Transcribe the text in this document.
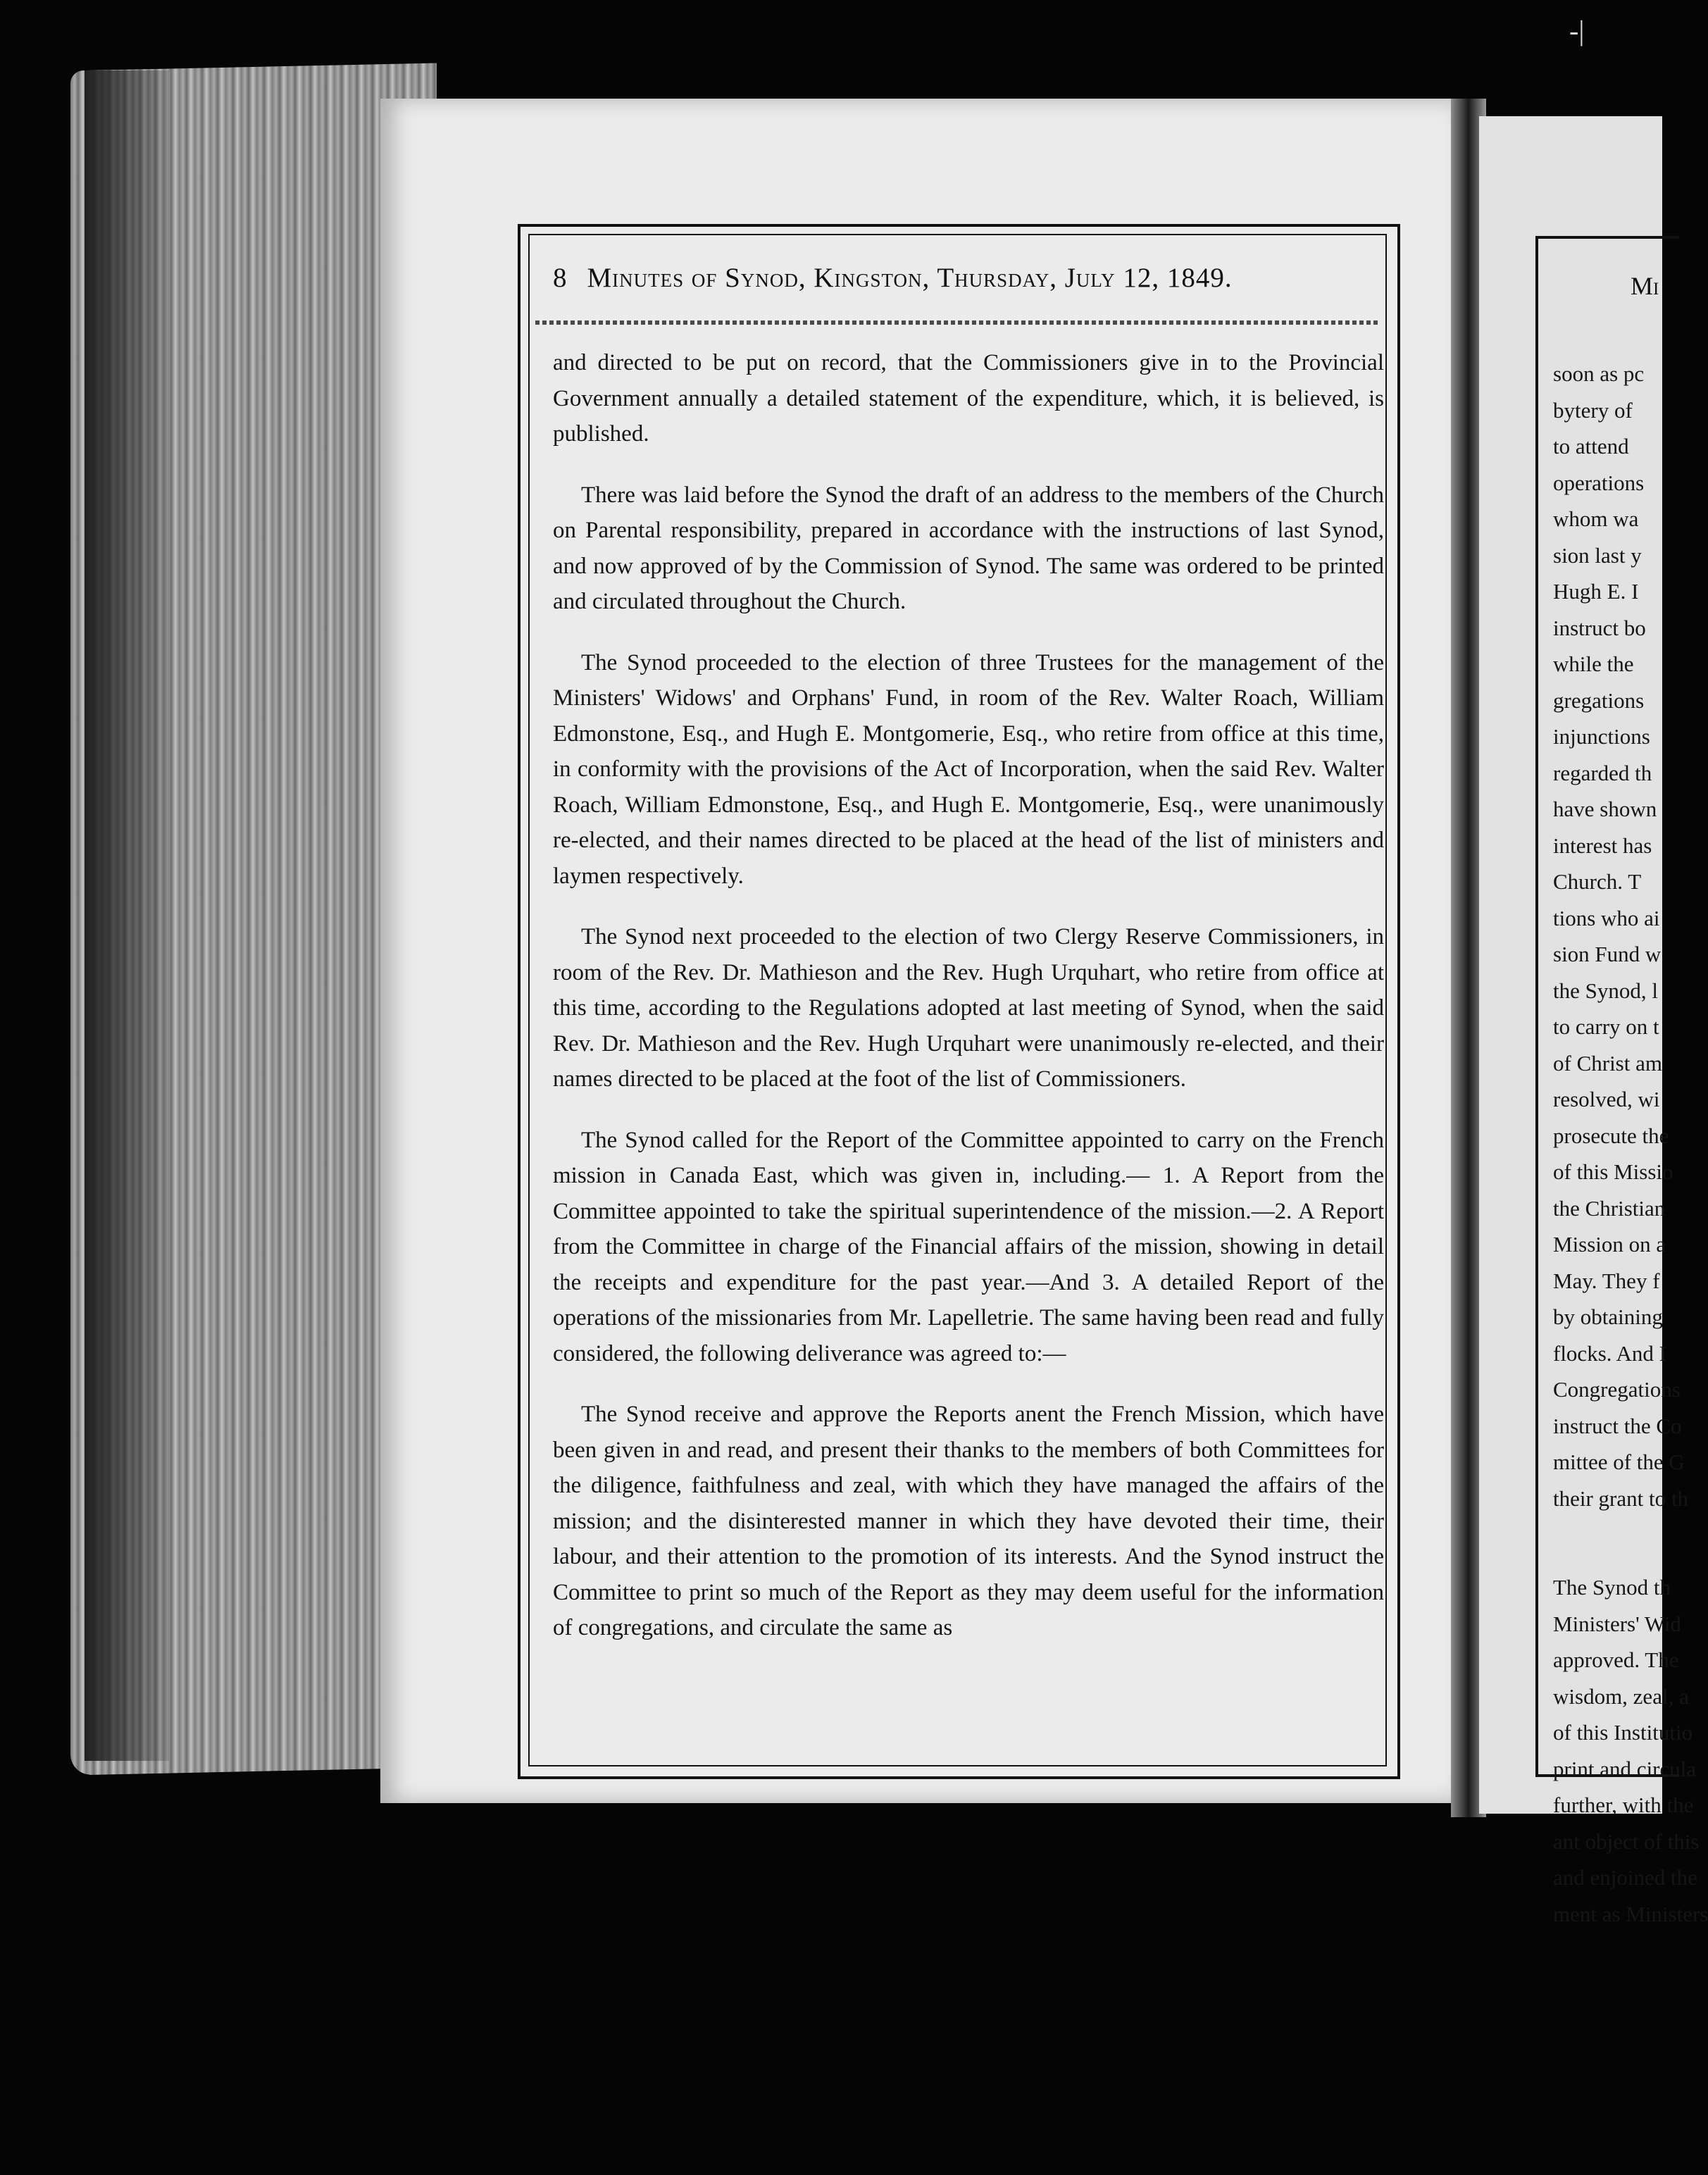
-|
8 Minutes of Synod, Kingston, Thursday, July 12, 1849.

and directed to be put on record, that the Commissioners give in to the Provincial Government annually a detailed statement of the expenditure, which, it is believed, is published.

There was laid before the Synod the draft of an address to the members of the Church on Parental responsibility, prepared in accordance with the instructions of last Synod, and now approved of by the Commission of Synod. The same was ordered to be printed and circulated throughout the Church.

The Synod proceeded to the election of three Trustees for the management of the Ministers' Widows' and Orphans' Fund, in room of the Rev. Walter Roach, William Edmonstone, Esq., and Hugh E. Montgomerie, Esq., who retire from office at this time, in conformity with the provisions of the Act of Incorporation, when the said Rev. Walter Roach, William Edmonstone, Esq., and Hugh E. Montgomerie, Esq., were unanimously re-elected, and their names directed to be placed at the head of the list of ministers and laymen respectively.

The Synod next proceeded to the election of two Clergy Reserve Commissioners, in room of the Rev. Dr. Mathieson and the Rev. Hugh Urquhart, who retire from office at this time, according to the Regulations adopted at last meeting of Synod, when the said Rev. Dr. Mathieson and the Rev. Hugh Urquhart were unanimously re-elected, and their names directed to be placed at the foot of the list of Commissioners.

The Synod called for the Report of the Committee appointed to carry on the French mission in Canada East, which was given in, including.— 1. A Report from the Committee appointed to take the spiritual superintendence of the mission.—2. A Report from the Committee in charge of the Financial affairs of the mission, showing in detail the receipts and expenditure for the past year.—And 3. A detailed Report of the operations of the missionaries from Mr. Lapelletrie. The same having been read and fully considered, the following deliverance was agreed to:—

The Synod receive and approve the Reports anent the French Mission, which have been given in and read, and present their thanks to the members of both Committees for the diligence, faithfulness and zeal, with which they have managed the affairs of the mission; and the disinterested manner in which they have devoted their time, their labour, and their attention to the promotion of its interests. And the Synod instruct the Committee to print so much of the Report as they may deem useful for the information of congregations, and circulate the same as

Mi
soon as pc
bytery of
to attend
operations
whom wa
sion last y
Hugh E. I
instruct bo
while the
gregations
injunctions
regarded th
have shown
interest has
Church. T
tions who ai
sion Fund w
the Synod, l
to carry on t
of Christ am
resolved, wi
prosecute the
of this Missio
the Christian
Mission on a
May. They f
by obtaining
flocks. And I
Congregations
instruct the Co
mittee of the G
their grant to th
The Synod th
Ministers' Wid
approved. The
wisdom, zeal, a
of this Institutio
print and circula
further, with the
ant object of this
and enjoined the
ment as Ministers
